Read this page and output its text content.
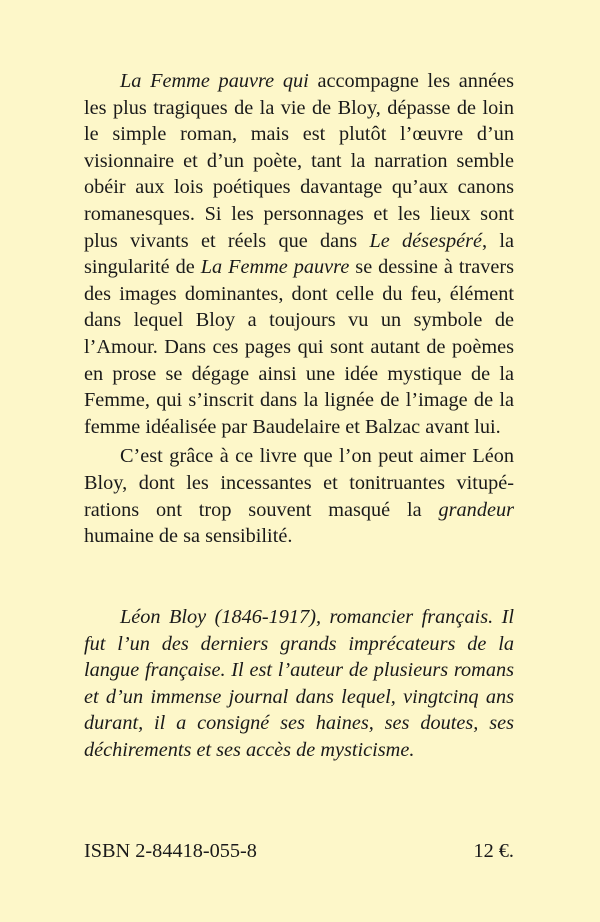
La Femme pauvre qui accompagne les années les plus tragiques de la vie de Bloy, dépasse de loin le simple roman, mais est plutôt l’œuvre d’un visionnaire et d’un poète, tant la narration semble obéir aux lois poétiques davantage qu’aux canons romanesques. Si les personnages et les lieux sont plus vivants et réels que dans Le désespéré, la singularité de La Femme pauvre se dessine à travers des images dominantes, dont celle du feu, élément dans lequel Bloy a toujours vu un symbole de l’Amour. Dans ces pages qui sont autant de poèmes en prose se dégage ainsi une idée mystique de la Femme, qui s’inscrit dans la lignée de l’image de la femme idéalisée par Baudelaire et Balzac avant lui.

C’est grâce à ce livre que l’on peut aimer Léon Bloy, dont les incessantes et tonitruantes vitupérations ont trop souvent masqué la grandeur humaine de sa sensibilité.

Léon Bloy (1846-1917), romancier français. Il fut l’un des derniers grands imprécateurs de la langue française. Il est l’auteur de plusieurs romans et d’un immense journal dans lequel, vingtcinq ans durant, il a consigné ses haines, ses doutes, ses déchirements et ses accès de mysticisme.

ISBN 2-84418-055-8	12 €.
